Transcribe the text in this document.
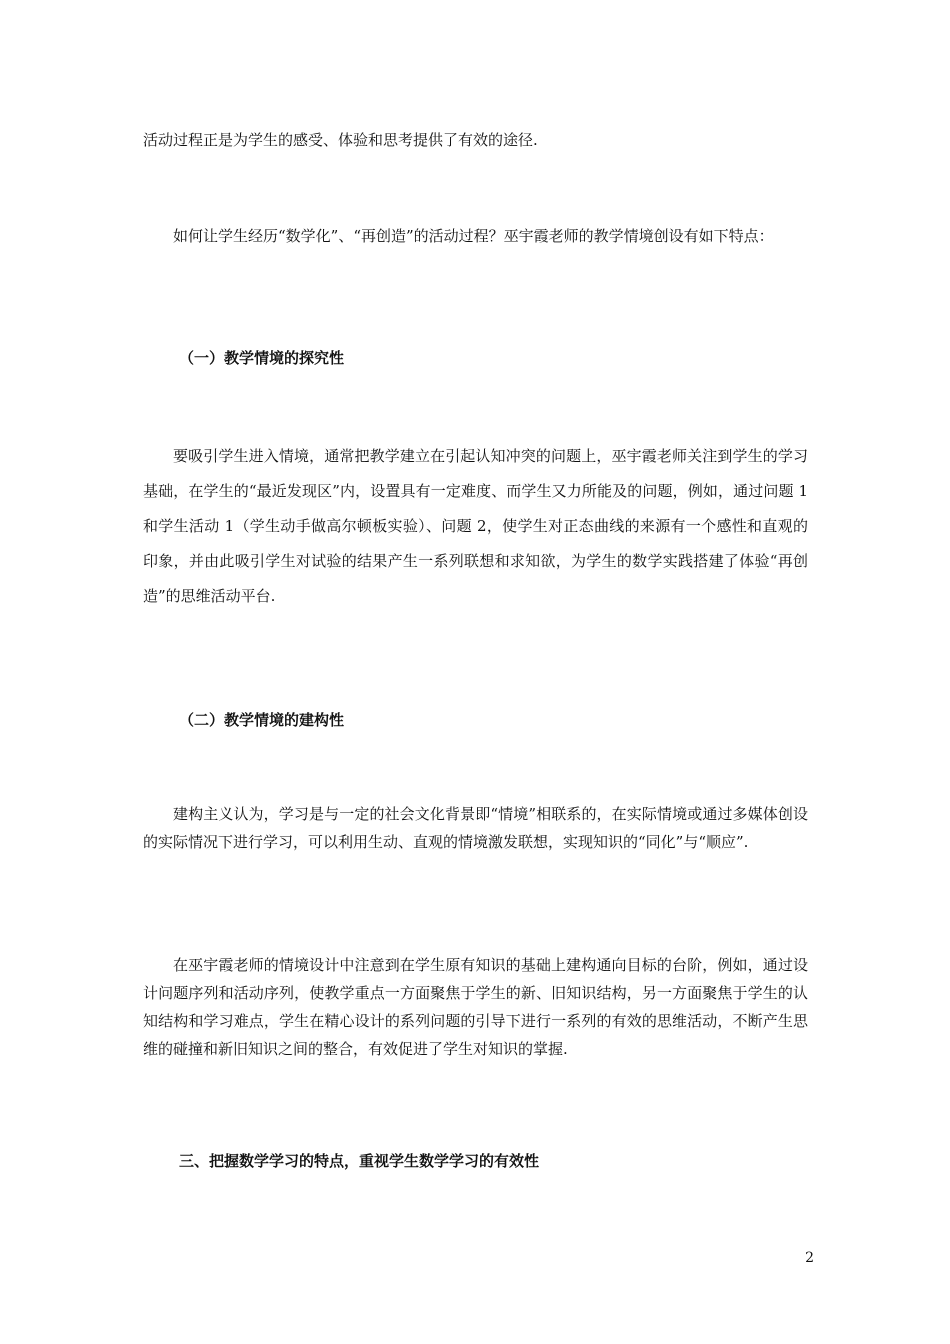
活动过程正是为学生的感受、体验和思考提供了有效的途径.

如何让学生经历“数学化”、“再创造”的活动过程？巫宇霞老师的教学情境创设有如下特点：

（一）教学情境的探究性

要吸引学生进入情境，通常把教学建立在引起认知冲突的问题上，巫宇霞老师关注到学生的学习基础，在学生的“最近发现区”内，设置具有一定难度、而学生又力所能及的问题，例如，通过问题 1 和学生活动 1（学生动手做高尔顿板实验）、问题 2，使学生对正态曲线的来源有一个感性和直观的印象，并由此吸引学生对试验的结果产生一系列联想和求知欲，为学生的数学实践搭建了体验“再创造”的思维活动平台.

（二）教学情境的建构性

建构主义认为，学习是与一定的社会文化背景即“情境”相联系的，在实际情境或通过多媒体创设的实际情况下进行学习，可以利用生动、直观的情境激发联想，实现知识的“同化”与“顺应”.

在巫宇霞老师的情境设计中注意到在学生原有知识的基础上建构通向目标的台阶，例如，通过设计问题序列和活动序列，使教学重点一方面聚焦于学生的新、旧知识结构，另一方面聚焦于学生的认知结构和学习难点，学生在精心设计的系列问题的引导下进行一系列的有效的思维活动，不断产生思维的碰撞和新旧知识之间的整合，有效促进了学生对知识的掌握.

三、把握数学学习的特点，重视学生数学学习的有效性
2
